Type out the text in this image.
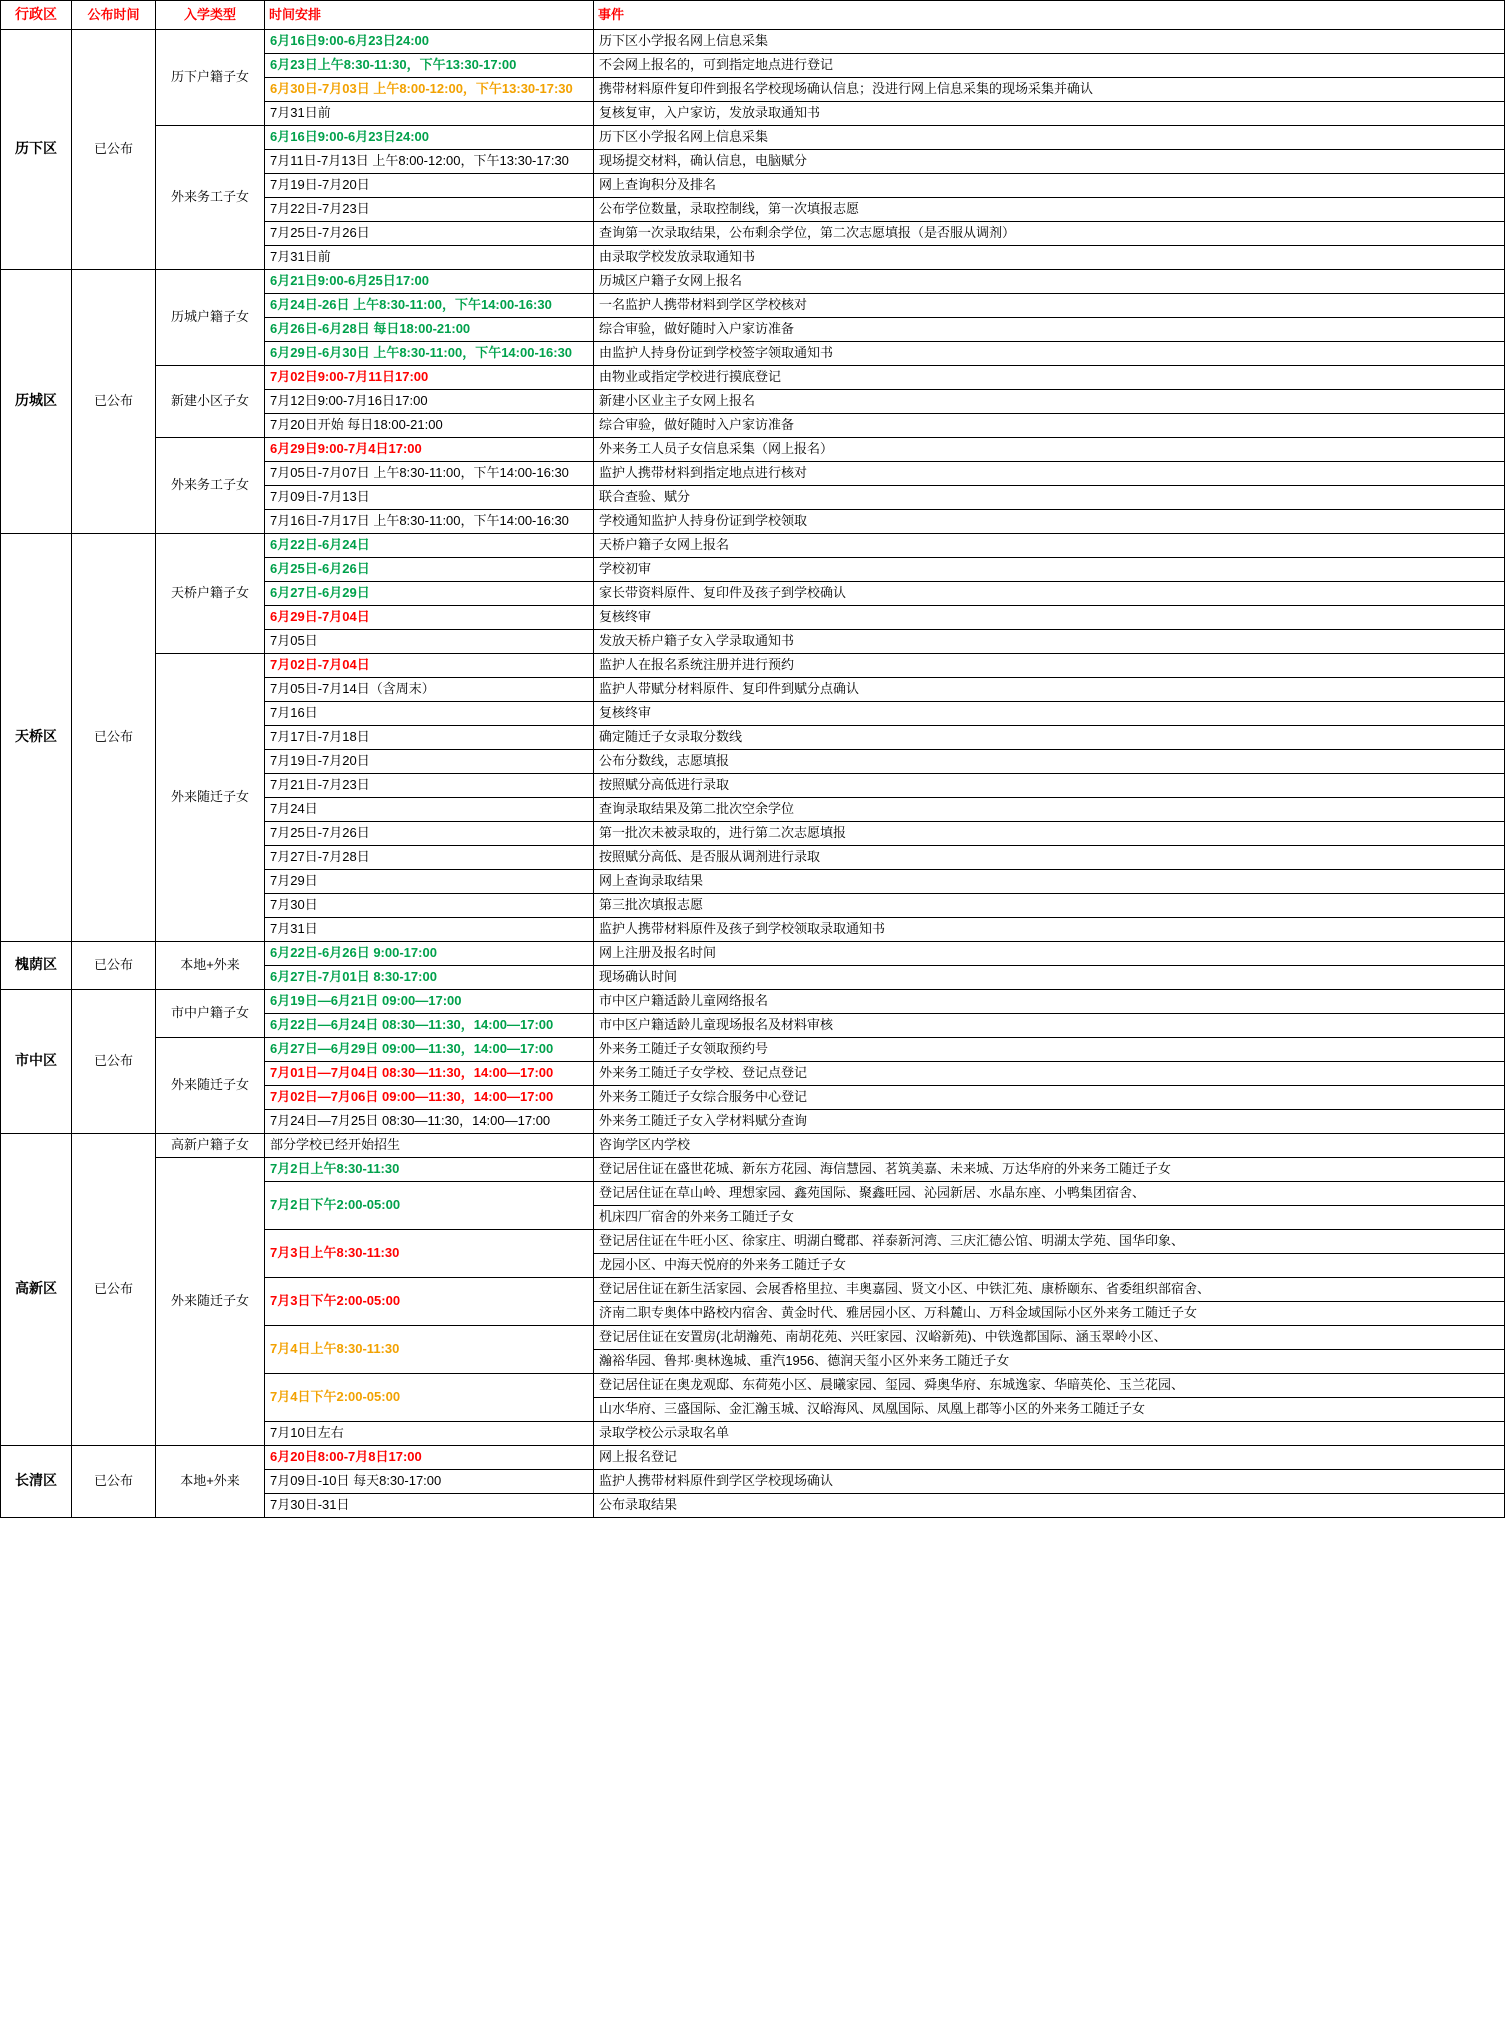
行政区	公布时间	入学类型	时间安排	事件
历下区	已公布	历下户籍子女	6月16日9:00-6月23日24:00	历下区小学报名网上信息采集
			6月23日上午8:30-11:30，下午13:30-17:00	不会网上报名的，可到指定地点进行登记
			6月30日-7月03日 上午8:00-12:00，下午13:30-17:30	携带材料原件复印件到报名学校现场确认信息；没进行网上信息采集的现场采集并确认
			7月31日前	复核复审，入户家访，发放录取通知书
		外来务工子女	6月16日9:00-6月23日24:00	历下区小学报名网上信息采集
			7月11日-7月13日 上午8:00-12:00，下午13:30-17:30	现场提交材料，确认信息，电脑赋分
			7月19日-7月20日	网上查询积分及排名
			7月22日-7月23日	公布学位数量，录取控制线，第一次填报志愿
			7月25日-7月26日	查询第一次录取结果，公布剩余学位，第二次志愿填报（是否服从调剂）
			7月31日前	由录取学校发放录取通知书
历城区	已公布	历城户籍子女	6月21日9:00-6月25日17:00	历城区户籍子女网上报名
			6月24日-26日 上午8:30-11:00，下午14:00-16:30	一名监护人携带材料到学区学校核对
			6月26日-6月28日 每日18:00-21:00	综合审验，做好随时入户家访准备
			6月29日-6月30日 上午8:30-11:00，下午14:00-16:30	由监护人持身份证到学校签字领取通知书
		新建小区子女	7月02日9:00-7月11日17:00	由物业或指定学校进行摸底登记
			7月12日9:00-7月16日17:00	新建小区业主子女网上报名
			7月20日开始 每日18:00-21:00	综合审验，做好随时入户家访准备
		外来务工子女	6月29日9:00-7月4日17:00	外来务工人员子女信息采集（网上报名）
			7月05日-7月07日 上午8:30-11:00，下午14:00-16:30	监护人携带材料到指定地点进行核对
			7月09日-7月13日	联合查验、赋分
			7月16日-7月17日 上午8:30-11:00，下午14:00-16:30	学校通知监护人持身份证到学校领取
天桥区	已公布	天桥户籍子女	6月22日-6月24日	天桥户籍子女网上报名
			6月25日-6月26日	学校初审
			6月27日-6月29日	家长带资料原件、复印件及孩子到学校确认
			6月29日-7月04日	复核终审
			7月05日	发放天桥户籍子女入学录取通知书
		外来随迁子女	7月02日-7月04日	监护人在报名系统注册并进行预约
			7月05日-7月14日（含周末）	监护人带赋分材料原件、复印件到赋分点确认
			7月16日	复核终审
			7月17日-7月18日	确定随迁子女录取分数线
			7月19日-7月20日	公布分数线，志愿填报
			7月21日-7月23日	按照赋分高低进行录取
			7月24日	查询录取结果及第二批次空余学位
			7月25日-7月26日	第一批次未被录取的，进行第二次志愿填报
			7月27日-7月28日	按照赋分高低、是否服从调剂进行录取
			7月29日	网上查询录取结果
			7月30日	第三批次填报志愿
			7月31日	监护人携带材料原件及孩子到学校领取录取通知书
槐荫区	已公布	本地+外来	6月22日-6月26日 9:00-17:00	网上注册及报名时间
			6月27日-7月01日 8:30-17:00	现场确认时间
市中区	已公布	市中户籍子女	6月19日—6月21日 09:00—17:00	市中区户籍适龄儿童网络报名
			6月22日—6月24日 08:30—11:30，14:00—17:00	市中区户籍适龄儿童现场报名及材料审核
		外来随迁子女	6月27日—6月29日 09:00—11:30，14:00—17:00	外来务工随迁子女领取预约号
			7月01日—7月04日 08:30—11:30，14:00—17:00	外来务工随迁子女学校、登记点登记
			7月02日—7月06日 09:00—11:30，14:00—17:00	外来务工随迁子女综合服务中心登记
			7月24日—7月25日 08:30—11:30，14:00—17:00	外来务工随迁子女入学材料赋分查询
高新区	已公布	高新户籍子女	部分学校已经开始招生	咨询学区内学校
		外来随迁子女	7月2日上午8:30-11:30	登记居住证在盛世花城、新东方花园、海信慧园、茗筑美嘉、未来城、万达华府的外来务工随迁子女
			7月2日下午2:00-05:00	登记居住证在草山岭、理想家园、鑫苑国际、聚鑫旺园、沁园新居、水晶东座、小鸭集团宿舍、
				机床四厂宿舍的外来务工随迁子女
			7月3日上午8:30-11:30	登记居住证在牛旺小区、徐家庄、明湖白鹭郡、祥泰新河湾、三庆汇德公馆、明湖太学苑、国华印象、
				龙园小区、中海天悦府的外来务工随迁子女
			7月3日下午2:00-05:00	登记居住证在新生活家园、会展香格里拉、丰奥嘉园、贤文小区、中铁汇苑、康桥颐东、省委组织部宿舍、
				济南二职专奥体中路校内宿舍、黄金时代、雅居园小区、万科麓山、万科金域国际小区外来务工随迁子女
			7月4日上午8:30-11:30	登记居住证在安置房(北胡瀚苑、南胡花苑、兴旺家园、汉峪新苑)、中铁逸都国际、涵玉翠岭小区、
				瀚裕华园、鲁邦·奥林逸城、重汽1956、德润天玺小区外来务工随迁子女
			7月4日下午2:00-05:00	登记居住证在奥龙观邸、东荷苑小区、晨曦家园、玺园、舜奥华府、东城逸家、华暗英伦、玉兰花园、
				山水华府、三盛国际、金汇瀚玉城、汉峪海风、凤凰国际、凤凰上郡等小区的外来务工随迁子女
			7月10日左右	录取学校公示录取名单
长清区	已公布	本地+外来	6月20日8:00-7月8日17:00	网上报名登记
			7月09日-10日 每天8:30-17:00	监护人携带材料原件到学区学校现场确认
			7月30日-31日	公布录取结果
